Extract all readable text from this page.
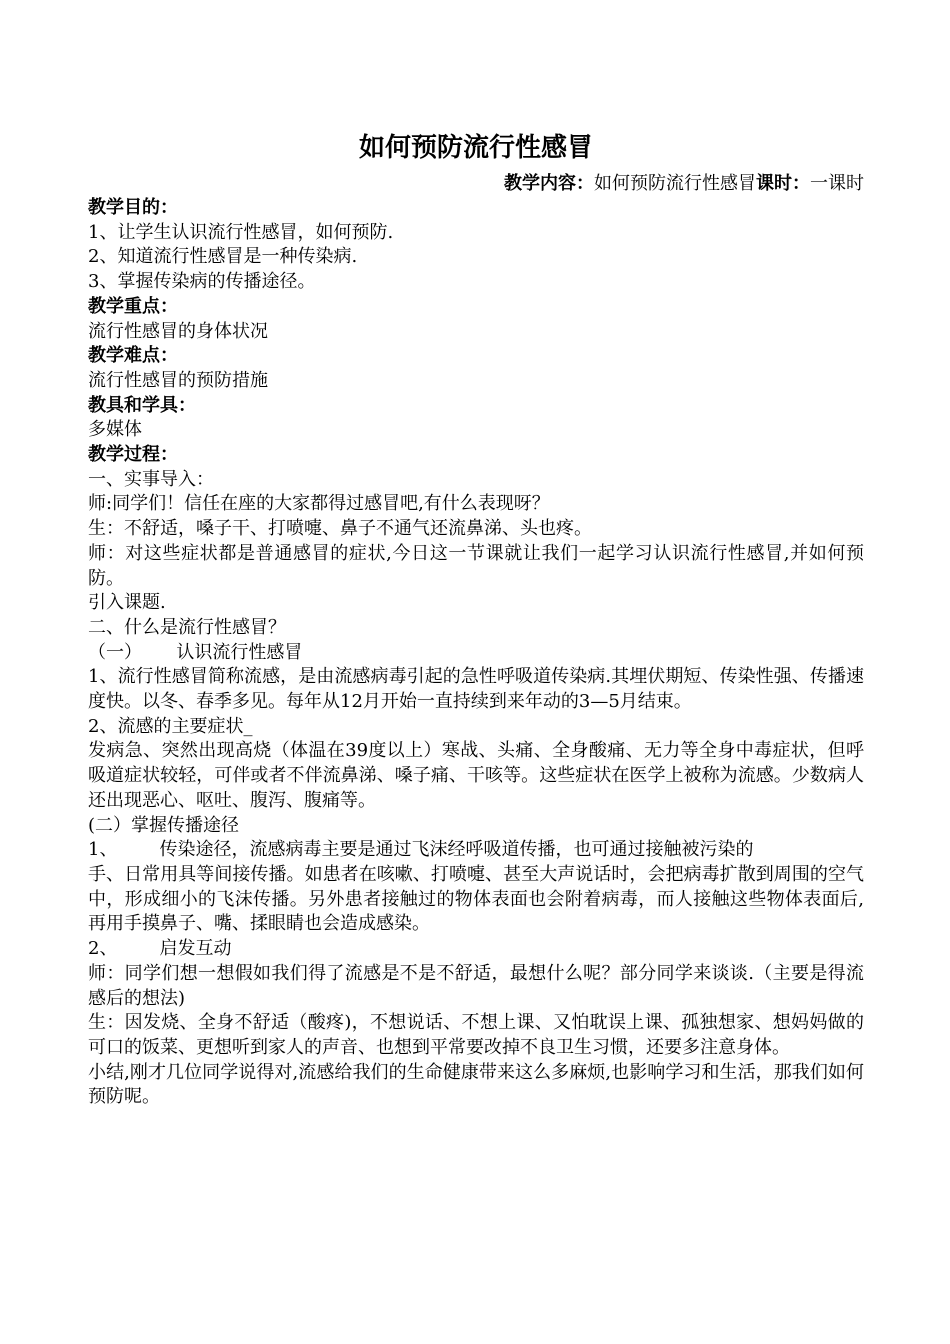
如何预防流行性感冒
教学内容：如何预防流行性感冒课时：一课时
教学目的：
1、让学生认识流行性感冒，如何预防.
2、知道流行性感冒是一种传染病.
3、掌握传染病的传播途径。
教学重点：
流行性感冒的身体状况
教学难点：
流行性感冒的预防措施
教具和学具：
多媒体
教学过程：
一、实事导入：
师:同学们！信任在座的大家都得过感冒吧,有什么表现呀？
生：不舒适，嗓子干、打喷嚏、鼻子不通气还流鼻涕、头也疼。
师：对这些症状都是普通感冒的症状,今日这一节课就让我们一起学习认识流行性感冒,并如何预防。
引入课题.
二、什么是流行性感冒？
（一）      认识流行性感冒
1、流行性感冒简称流感，是由流感病毒引起的急性呼吸道传染病.其埋伏期短、传染性强、传播速度快。以冬、春季多见。每年从12月开始一直持续到来年动的3—5月结束。
2、流感的主要症状_
发病急、突然出现高烧（体温在39度以上）寒战、头痛、全身酸痛、无力等全身中毒症状，但呼吸道症状较轻，可伴或者不伴流鼻涕、嗓子痛、干咳等。这些症状在医学上被称为流感。少数病人还出现恶心、呕吐、腹泻、腹痛等。
(二）掌握传播途径
1、	传染途径，流感病毒主要是通过飞沫经呼吸道传播，也可通过接触被污染的
手、日常用具等间接传播。如患者在咳嗽、打喷嚏、甚至大声说话时，会把病毒扩散到周围的空气中，形成细小的飞沫传播。另外患者接触过的物体表面也会附着病毒，而人接触这些物体表面后,再用手摸鼻子、嘴、揉眼睛也会造成感染。
2、	启发互动
师：同学们想一想假如我们得了流感是不是不舒适，最想什么呢？部分同学来谈谈.（主要是得流感后的想法)
生：因发烧、全身不舒适（酸疼)，不想说话、不想上课、又怕耽误上课、孤独想家、想妈妈做的可口的饭菜、更想听到家人的声音、也想到平常要改掉不良卫生习惯，还要多注意身体。
小结,刚才几位同学说得对,流感给我们的生命健康带来这么多麻烦,也影响学习和生活，那我们如何预防呢。
